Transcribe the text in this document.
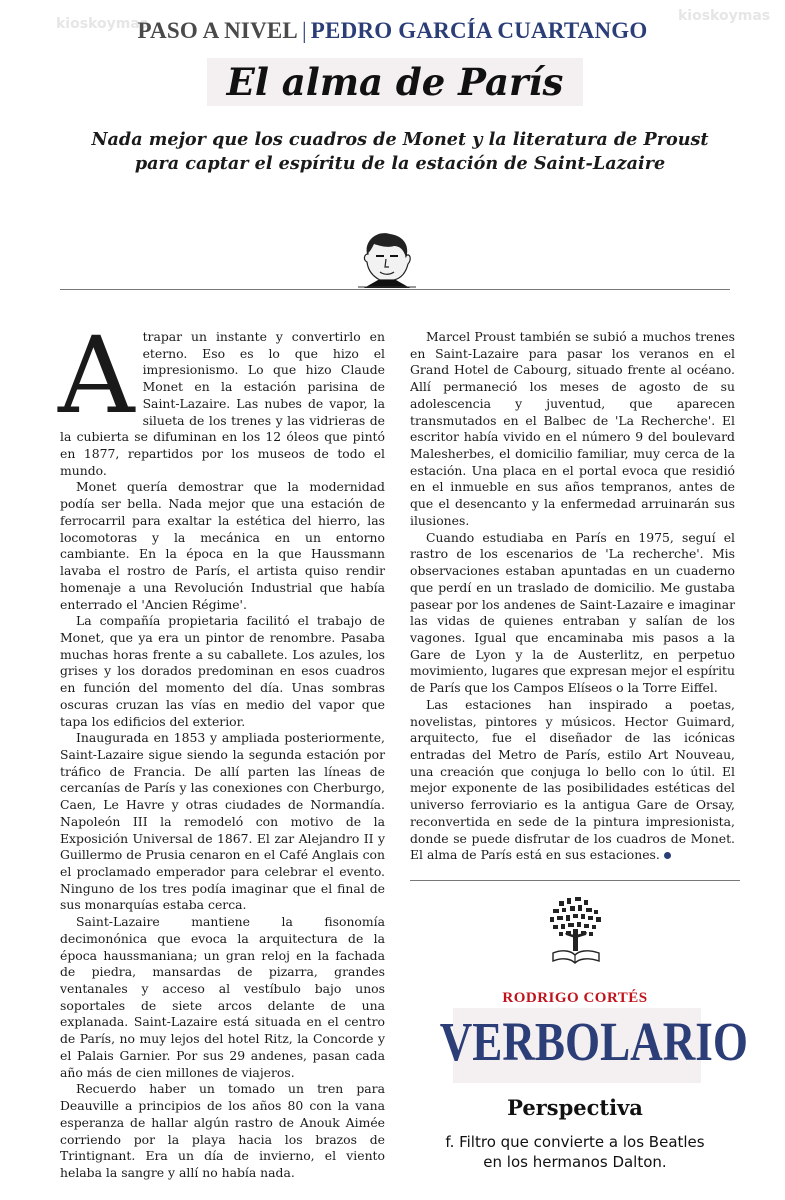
kioskoymas	kioskoymas
PASO A NIVEL | PEDRO GARCÍA CUARTANGO
El alma de París
Nada mejor que los cuadros de Monet y la literatura de Proust
para captar el espíritu de la estación de Saint-Lazaire

Atrapar un instante y convertirlo en eterno. Eso es lo que hizo el impresionismo. Lo que hizo Claude Monet en la estación parisina de Saint-Lazaire. Las nubes de vapor, la silueta de los trenes y las vidrieras de la cubierta se difuminan en los 12 óleos que pintó en 1877, repartidos por los museos de todo el mundo.

Monet quería demostrar que la modernidad podía ser bella. Nada mejor que una estación de ferrocarril para exaltar la estética del hierro, las locomotoras y la mecánica en un entorno cambiante. En la época en la que Haussmann lavaba el rostro de París, el artista quiso rendir homenaje a una Revolución Industrial que había enterrado el 'Ancien Régime'.

La compañía propietaria facilitó el trabajo de Monet, que ya era un pintor de renombre. Pasaba muchas horas frente a su caballete. Los azules, los grises y los dorados predominan en esos cuadros en función del momento del día. Unas sombras oscuras cruzan las vías en medio del vapor que tapa los edificios del exterior.

Inaugurada en 1853 y ampliada posteriormente, Saint-Lazaire sigue siendo la segunda estación por tráfico de Francia. De allí parten las líneas de cercanías de París y las conexiones con Cherburgo, Caen, Le Havre y otras ciudades de Normandía. Napoleón III la remodeló con motivo de la Exposición Universal de 1867. El zar Alejandro II y Guillermo de Prusia cenaron en el Café Anglais con el proclamado emperador para celebrar el evento. Ninguno de los tres podía imaginar que el final de sus monarquías estaba cerca.

Saint-Lazaire mantiene la fisonomía decimonónica que evoca la arquitectura de la época haussmaniana; un gran reloj en la fachada de piedra, mansardas de pizarra, grandes ventanales y acceso al vestíbulo bajo unos soportales de siete arcos delante de una explanada. Saint-Lazaire está situada en el centro de París, no muy lejos del hotel Ritz, la Concorde y el Palais Garnier. Por sus 29 andenes, pasan cada año más de cien millones de viajeros.

Recuerdo haber un tomado un tren para Deauville a principios de los años 80 con la vana esperanza de hallar algún rastro de Anouk Aimée corriendo por la playa hacia los brazos de Trintignant. Era un día de invierno, el viento helaba la sangre y allí no había nada.

Marcel Proust también se subió a muchos trenes en Saint-Lazaire para pasar los veranos en el Grand Hotel de Cabourg, situado frente al océano. Allí permaneció los meses de agosto de su adolescencia y juventud, que aparecen transmutados en el Balbec de 'La Recherche'. El escritor había vivido en el número 9 del boulevard Malesherbes, el domicilio familiar, muy cerca de la estación. Una placa en el portal evoca que residió en el inmueble en sus años tempranos, antes de que el desencanto y la enfermedad arruinarán sus ilusiones.

Cuando estudiaba en París en 1975, seguí el rastro de los escenarios de 'La recherche'. Mis observaciones estaban apuntadas en un cuaderno que perdí en un traslado de domicilio. Me gustaba pasear por los andenes de Saint-Lazaire e imaginar las vidas de quienes entraban y salían de los vagones. Igual que encaminaba mis pasos a la Gare de Lyon y la de Austerlitz, en perpetuo movimiento, lugares que expresan mejor el espíritu de París que los Campos Elíseos o la Torre Eiffel.

Las estaciones han inspirado a poetas, novelistas, pintores y músicos. Hector Guimard, arquitecto, fue el diseñador de las icónicas entradas del Metro de París, estilo Art Nouveau, una creación que conjuga lo bello con lo útil. El mejor exponente de las posibilidades estéticas del universo ferroviario es la antigua Gare de Orsay, reconvertida en sede de la pintura impresionista, donde se puede disfrutar de los cuadros de Monet. El alma de París está en sus estaciones.

RODRIGO CORTÉS
VERBOLARIO
Perspectiva
f. Filtro que convierte a los Beatles
en los hermanos Dalton.
